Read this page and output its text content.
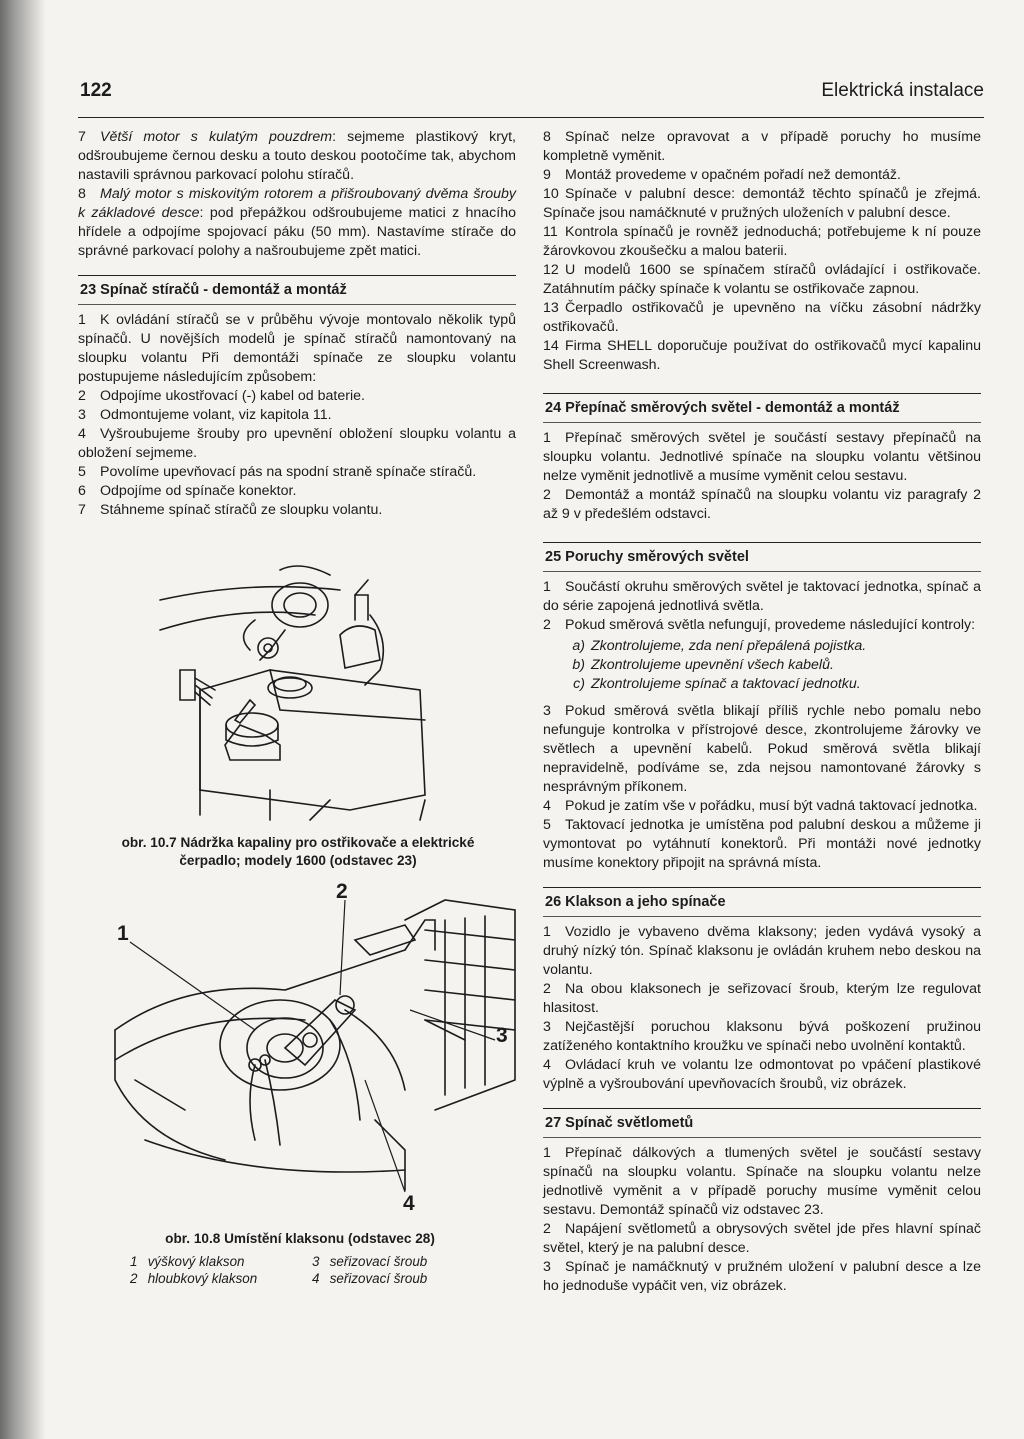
122	Elektrická instalace

7 Větší motor s kulatým pouzdrem: sejmeme plastikový kryt, odšroubujeme černou desku a touto deskou pootočíme tak, abychom nastavili správnou parkovací polohu stíračů.

8 Malý motor s miskovitým rotorem a přišroubovaný dvěma šrouby k základové desce: pod přepážkou odšroubujeme matici z hnacího hřídele a odpojíme spojovací páku (50 mm). Nastavíme stírače do správné parkovací polohy a našroubujeme zpět matici.

23 Spínač stíračů - demontáž a montáž

1 K ovládání stíračů se v průběhu vývoje montovalo několik typů spínačů. U novějších modelů je spínač stíračů namontovaný na sloupku volantu Při demontáži spínače ze sloupku volantu postupujeme následujícím způsobem:

2 Odpojíme ukostřovací (-) kabel od baterie.

3 Odmontujeme volant, viz kapitola 11.

4 Vyšroubujeme šrouby pro upevnění obložení sloupku volantu a obložení sejmeme.

5 Povolíme upevňovací pás na spodní straně spínače stíračů.

6 Odpojíme od spínače konektor.

7 Stáhneme spínač stíračů ze sloupku volantu.

obr. 10.7 Nádržka kapaliny pro ostřikovače a elektrické
čerpadlo; modely 1600 (odstavec 23)
1
2
3
4
obr. 10.8 Umístění klaksonu (odstavec 28)
1 výškový klakson
2 hloubkový klakson
3 seřizovací šroub
4 seřizovací šroub

8 Spínač nelze opravovat a v případě poruchy ho musíme kompletně vyměnit.

9 Montáž provedeme v opačném pořadí než demontáž.

10 Spínače v palubní desce: demontáž těchto spínačů je zřejmá. Spínače jsou namáčknuté v pružných uloženích v palubní desce.

11 Kontrola spínačů je rovněž jednoduchá; potřebujeme k ní pouze žárovkovou zkoušečku a malou baterii.

12 U modelů 1600 se spínačem stíračů ovládající i ostřikovače. Zatáhnutím páčky spínače k volantu se ostřikovače zapnou.

13 Čerpadlo ostřikovačů je upevněno na víčku zásobní nádržky ostřikovačů.

14 Firma SHELL doporučuje používat do ostřikovačů mycí kapalinu Shell Screenwash.

24 Přepínač směrových světel - demontáž a montáž

1 Přepínač směrových světel je součástí sestavy přepínačů na sloupku volantu. Jednotlivé spínače na sloupku volantu většinou nelze vyměnit jednotlivě a musíme vyměnit celou sestavu.

2 Demontáž a montáž spínačů na sloupku volantu viz paragrafy 2 až 9 v předešlém odstavci.

25 Poruchy směrových světel

1 Součástí okruhu směrových světel je taktovací jednotka, spínač a do série zapojená jednotlivá světla.

2 Pokud směrová světla nefungují, provedeme následující kontroly:

a) Zkontrolujeme, zda není přepálená pojistka.
b) Zkontrolujeme upevnění všech kabelů.
c) Zkontrolujeme spínač a taktovací jednotku.

3 Pokud směrová světla blikají příliš rychle nebo pomalu nebo nefunguje kontrolka v přístrojové desce, zkontrolujeme žárovky ve světlech a upevnění kabelů. Pokud směrová světla blikají nepravidelně, podíváme se, zda nejsou namontované žárovky s nesprávným příkonem.

4 Pokud je zatím vše v pořádku, musí být vadná taktovací jednotka.

5 Taktovací jednotka je umístěna pod palubní deskou a můžeme ji vymontovat po vytáhnutí konektorů. Při montáži nové jednotky musíme konektory připojit na správná místa.

26 Klakson a jeho spínače

1 Vozidlo je vybaveno dvěma klaksony; jeden vydává vysoký a druhý nízký tón. Spínač klaksonu je ovládán kruhem nebo deskou na volantu.

2 Na obou klaksonech je seřizovací šroub, kterým lze regulovat hlasitost.

3 Nejčastější poruchou klaksonu bývá poškození pružinou zatíženého kontaktního kroužku ve spínači nebo uvolnění kontaktů.

4 Ovládací kruh ve volantu lze odmontovat po vpáčení plastikové výplně a vyšroubování upevňovacích šroubů, viz obrázek.

27 Spínač světlometů

1 Přepínač dálkových a tlumených světel je součástí sestavy spínačů na sloupku volantu. Spínače na sloupku volantu nelze jednotlivě vyměnit a v případě poruchy musíme vyměnit celou sestavu. Demontáž spínačů viz odstavec 23.

2 Napájení světlometů a obrysových světel jde přes hlavní spínač světel, který je na palubní desce.

3 Spínač je namáčknutý v pružném uložení v palubní desce a lze ho jednoduše vypáčit ven, viz obrázek.
